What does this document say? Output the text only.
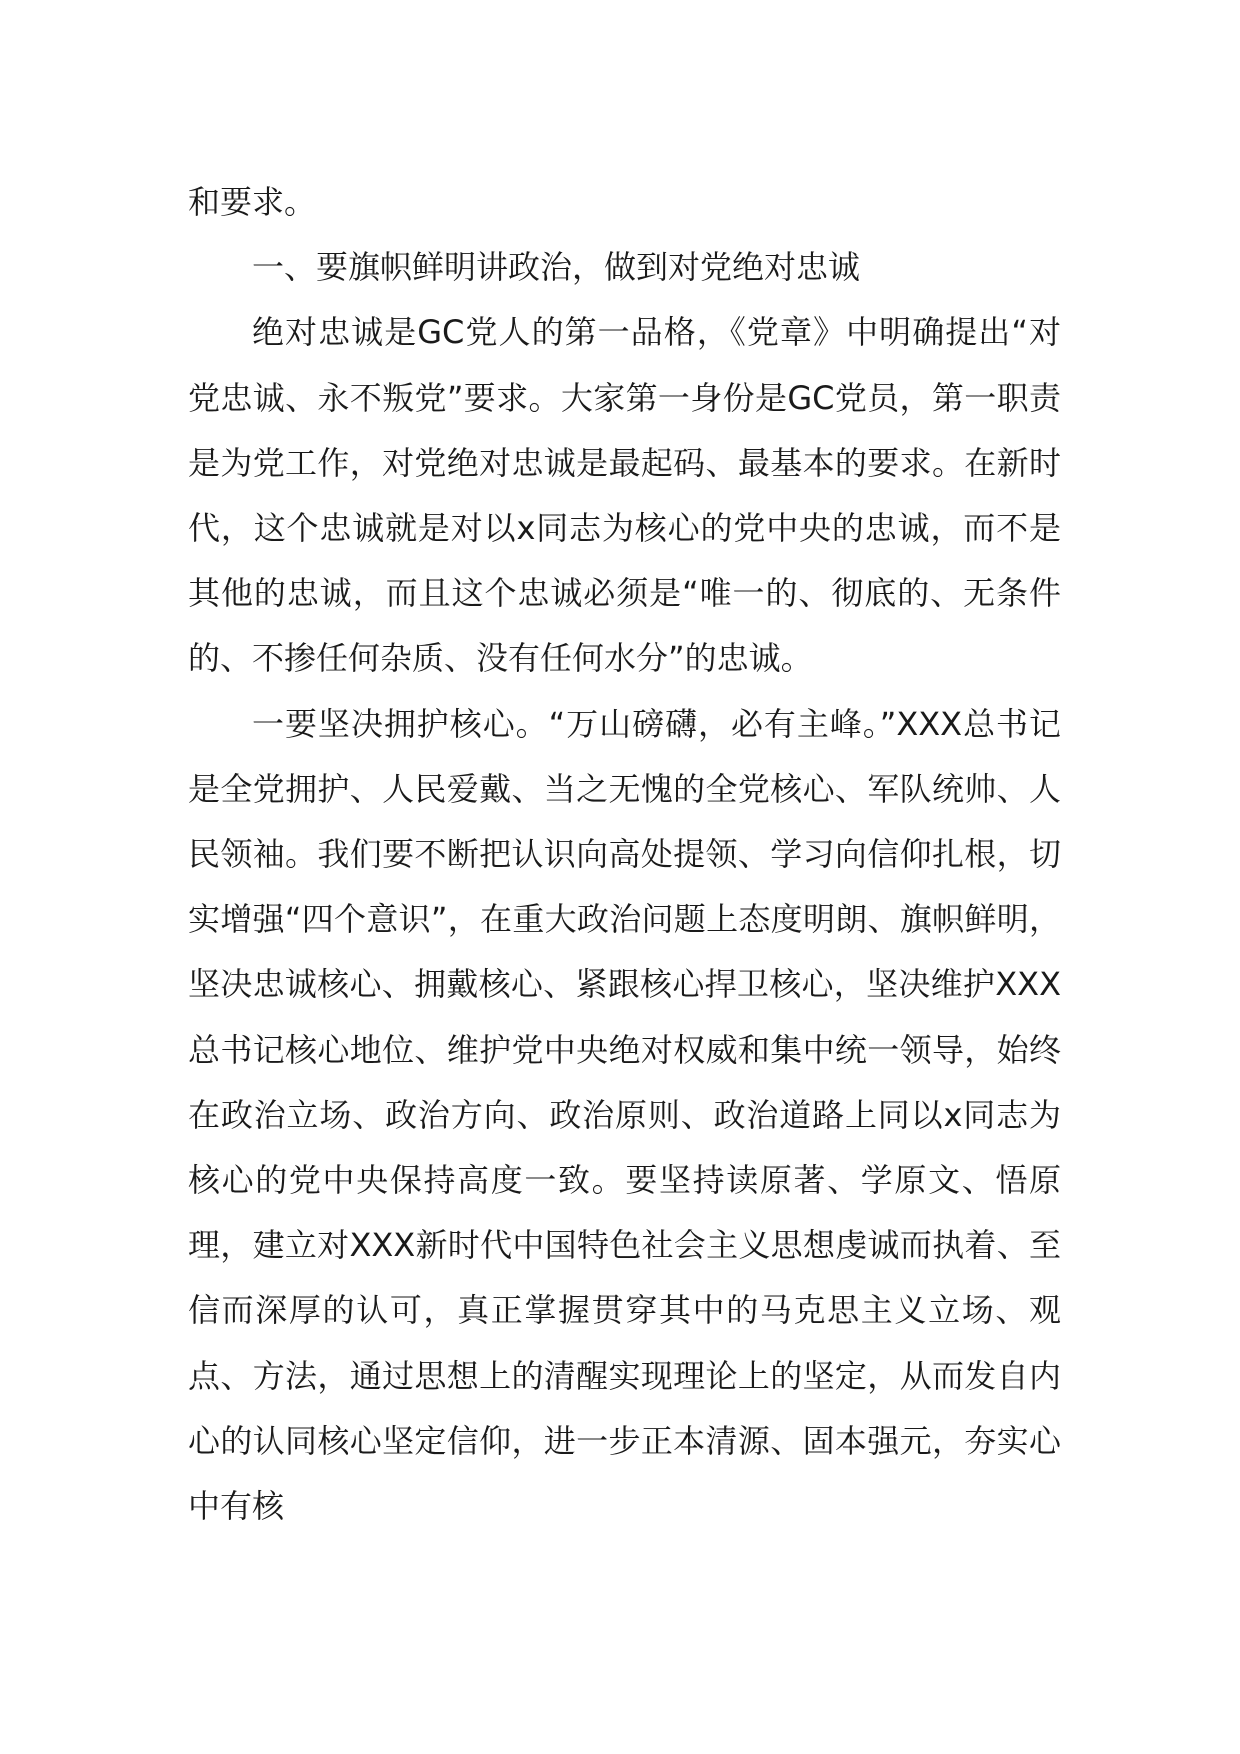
和要求。

一、要旗帜鲜明讲政治，做到对党绝对忠诚

绝对忠诚是GC党人的第一品格，《党章》中明确提出“对党忠诚、永不叛党”要求。大家第一身份是GC党员，第一职责是为党工作，对党绝对忠诚是最起码、最基本的要求。在新时代，这个忠诚就是对以x同志为核心的党中央的忠诚，而不是其他的忠诚，而且这个忠诚必须是“唯一的、彻底的、无条件的、不掺任何杂质、没有任何水分”的忠诚。

一要坚决拥护核心。“万山磅礴，必有主峰。”XXX总书记是全党拥护、人民爱戴、当之无愧的全党核心、军队统帅、人民领袖。我们要不断把认识向高处提领、学习向信仰扎根，切实增强“四个意识”，在重大政治问题上态度明朗、旗帜鲜明，坚决忠诚核心、拥戴核心、紧跟核心捍卫核心，坚决维护XXX总书记核心地位、维护党中央绝对权威和集中统一领导，始终在政治立场、政治方向、政治原则、政治道路上同以x同志为核心的党中央保持高度一致。要坚持读原著、学原文、悟原理，建立对XXX新时代中国特色社会主义思想虔诚而执着、至信而深厚的认可，真正掌握贯穿其中的马克思主义立场、观点、方法，通过思想上的清醒实现理论上的坚定，从而发自内心的认同核心坚定信仰，进一步正本清源、固本强元，夯实心中有核
